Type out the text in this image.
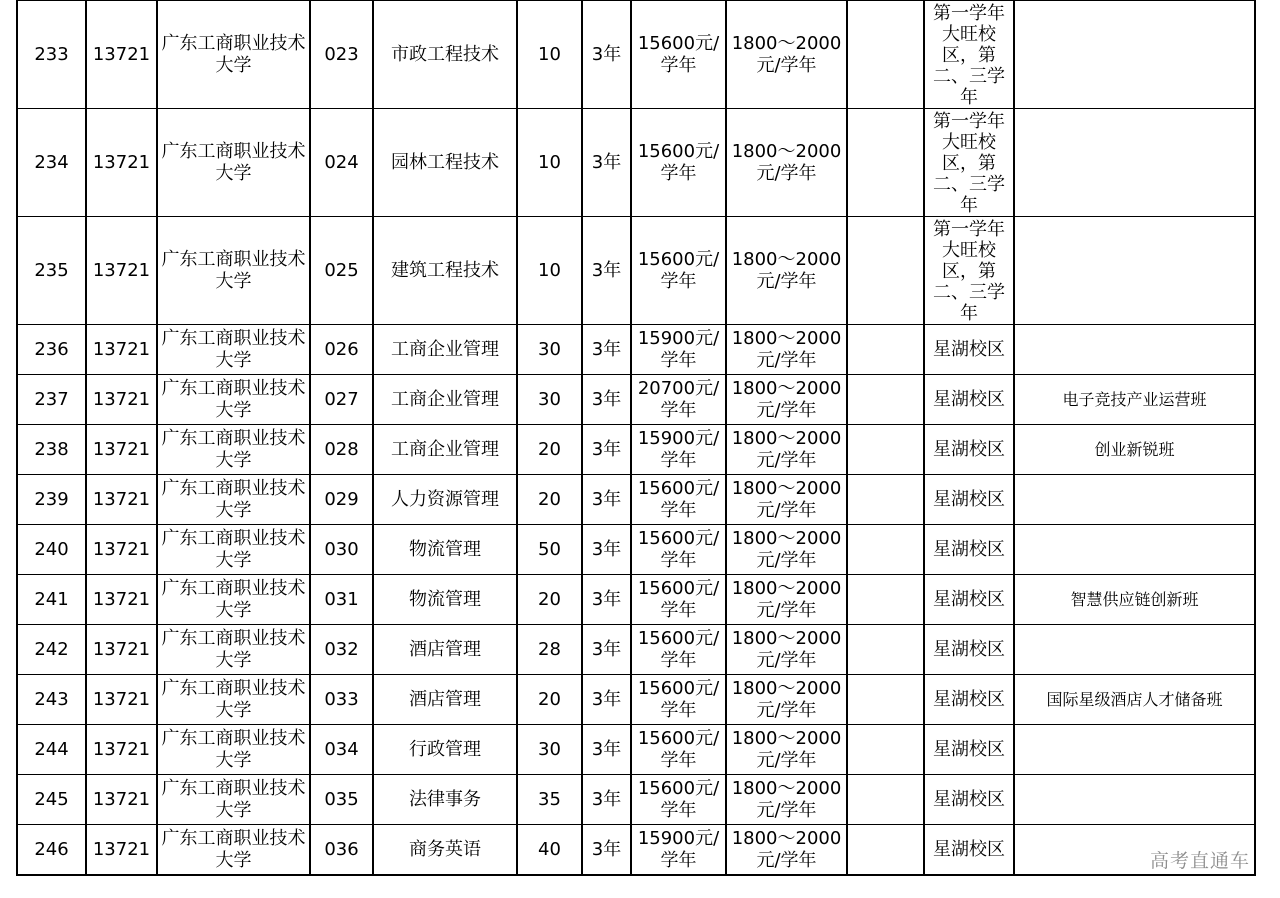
233	13721	广东工商职业技术大学	023	市政工程技术	10	3年	15600元/学年	1800～2000元/学年		第一学年大旺校区，第二、三学年	
234	13721	广东工商职业技术大学	024	园林工程技术	10	3年	15600元/学年	1800～2000元/学年		第一学年大旺校区，第二、三学年	
235	13721	广东工商职业技术大学	025	建筑工程技术	10	3年	15600元/学年	1800～2000元/学年		第一学年大旺校区，第二、三学年	
236	13721	广东工商职业技术大学	026	工商企业管理	30	3年	15900元/学年	1800～2000元/学年		星湖校区	
237	13721	广东工商职业技术大学	027	工商企业管理	30	3年	20700元/学年	1800～2000元/学年		星湖校区	电子竞技产业运营班
238	13721	广东工商职业技术大学	028	工商企业管理	20	3年	15900元/学年	1800～2000元/学年		星湖校区	创业新锐班
239	13721	广东工商职业技术大学	029	人力资源管理	20	3年	15600元/学年	1800～2000元/学年		星湖校区	
240	13721	广东工商职业技术大学	030	物流管理	50	3年	15600元/学年	1800～2000元/学年		星湖校区	
241	13721	广东工商职业技术大学	031	物流管理	20	3年	15600元/学年	1800～2000元/学年		星湖校区	智慧供应链创新班
242	13721	广东工商职业技术大学	032	酒店管理	28	3年	15600元/学年	1800～2000元/学年		星湖校区	
243	13721	广东工商职业技术大学	033	酒店管理	20	3年	15600元/学年	1800～2000元/学年		星湖校区	国际星级酒店人才储备班
244	13721	广东工商职业技术大学	034	行政管理	30	3年	15600元/学年	1800～2000元/学年		星湖校区	
245	13721	广东工商职业技术大学	035	法律事务	35	3年	15600元/学年	1800～2000元/学年		星湖校区	
246	13721	广东工商职业技术大学	036	商务英语	40	3年	15900元/学年	1800～2000元/学年		星湖校区	
高考直通车
